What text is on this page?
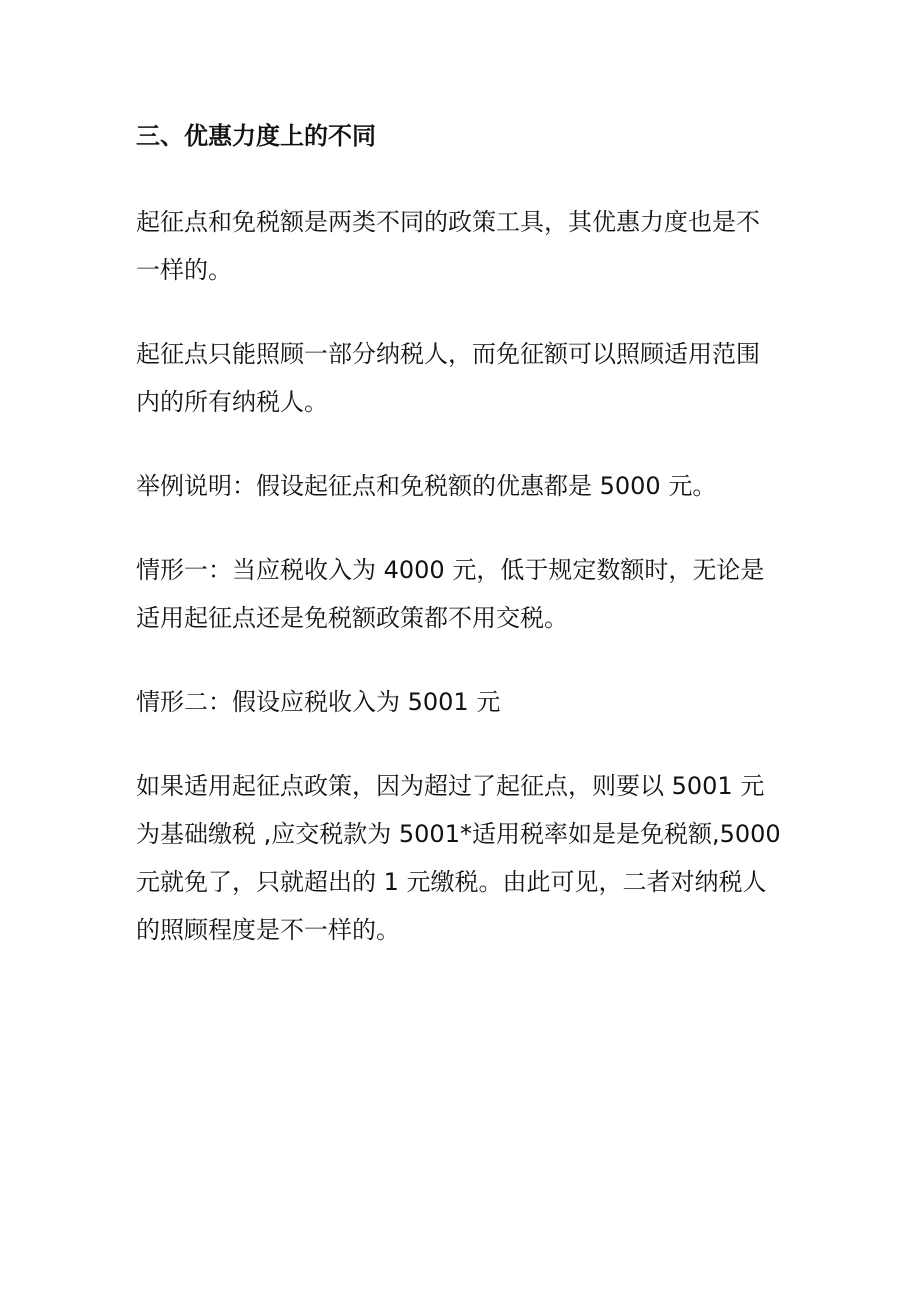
三、优惠力度上的不同
起征点和免税额是两类不同的政策工具，其优惠力度也是不
一样的。
起征点只能照顾一部分纳税人，而免征额可以照顾适用范围
内的所有纳税人。
举例说明：假设起征点和免税额的优惠都是 5000 元。
情形一：当应税收入为 4000 元，低于规定数额时，无论是
适用起征点还是免税额政策都不用交税。
情形二：假设应税收入为 5001 元
如果适用起征点政策，因为超过了起征点，则要以 5001 元
为基础缴税 ,应交税款为 5001*适用税率如是是免税额,5000
元就免了，只就超出的 1 元缴税。由此可见，二者对纳税人
的照顾程度是不一样的。
